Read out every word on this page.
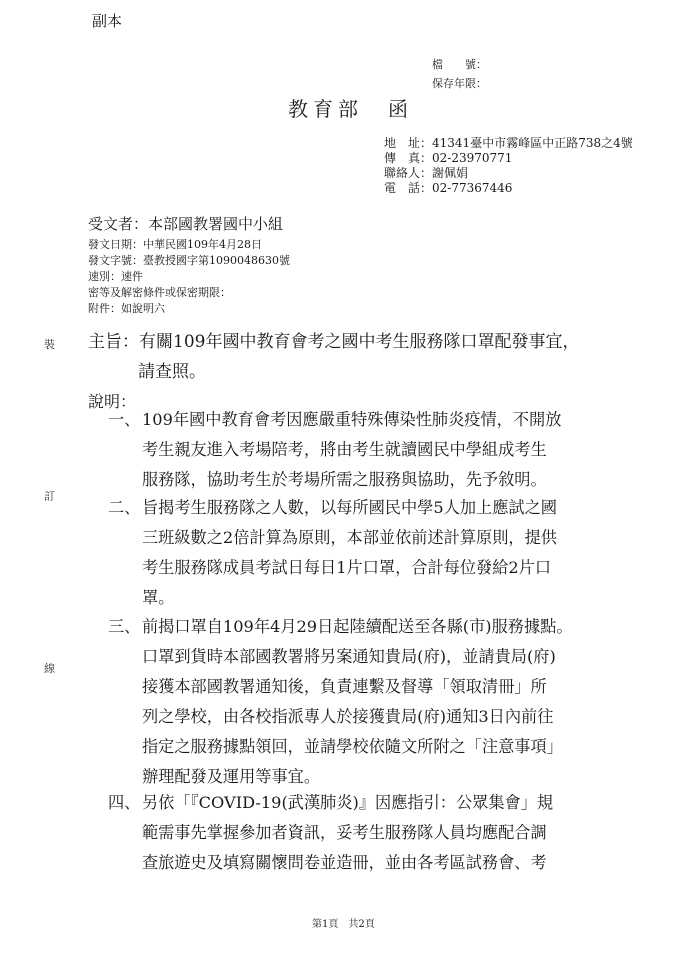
副本
檔　　號：
保存年限：
教育部　函
地　址：41341臺中市霧峰區中正路738之4號
傳　真：02-23970771
聯絡人：謝佩娟
電　話：02-77367446
受文者：本部國教署國中小組
發文日期：中華民國109年4月28日
發文字號：臺教授國字第1090048630號
速別：速件
密等及解密條件或保密期限：
附件：如說明六
裝
訂
線
主旨：有關109年國中教育會考之國中考生服務隊口罩配發事宜，
請查照。
說明：
一、 109年國中教育會考因應嚴重特殊傳染性肺炎疫情，不開放
考生親友進入考場陪考，將由考生就讀國民中學組成考生
服務隊，協助考生於考場所需之服務與協助，先予敘明。
二、 旨揭考生服務隊之人數，以每所國民中學5人加上應試之國
三班級數之2倍計算為原則，本部並依前述計算原則，提供
考生服務隊成員考試日每日1片口罩，合計每位發給2片口
罩。
三、 前揭口罩自109年4月29日起陸續配送至各縣(市)服務據點。
口罩到貨時本部國教署將另案通知貴局(府)，並請貴局(府)
接獲本部國教署通知後，負責連繫及督導「領取清冊」所
列之學校，由各校指派專人於接獲貴局(府)通知3日內前往
指定之服務據點領回，並請學校依隨文所附之「注意事項」
辦理配發及運用等事宜。
四、 另依「『COVID-19(武漢肺炎)』因應指引：公眾集會」規
範需事先掌握參加者資訊，妥考生服務隊人員均應配合調
查旅遊史及填寫關懷問卷並造冊，並由各考區試務會、考
第1頁　共2頁
